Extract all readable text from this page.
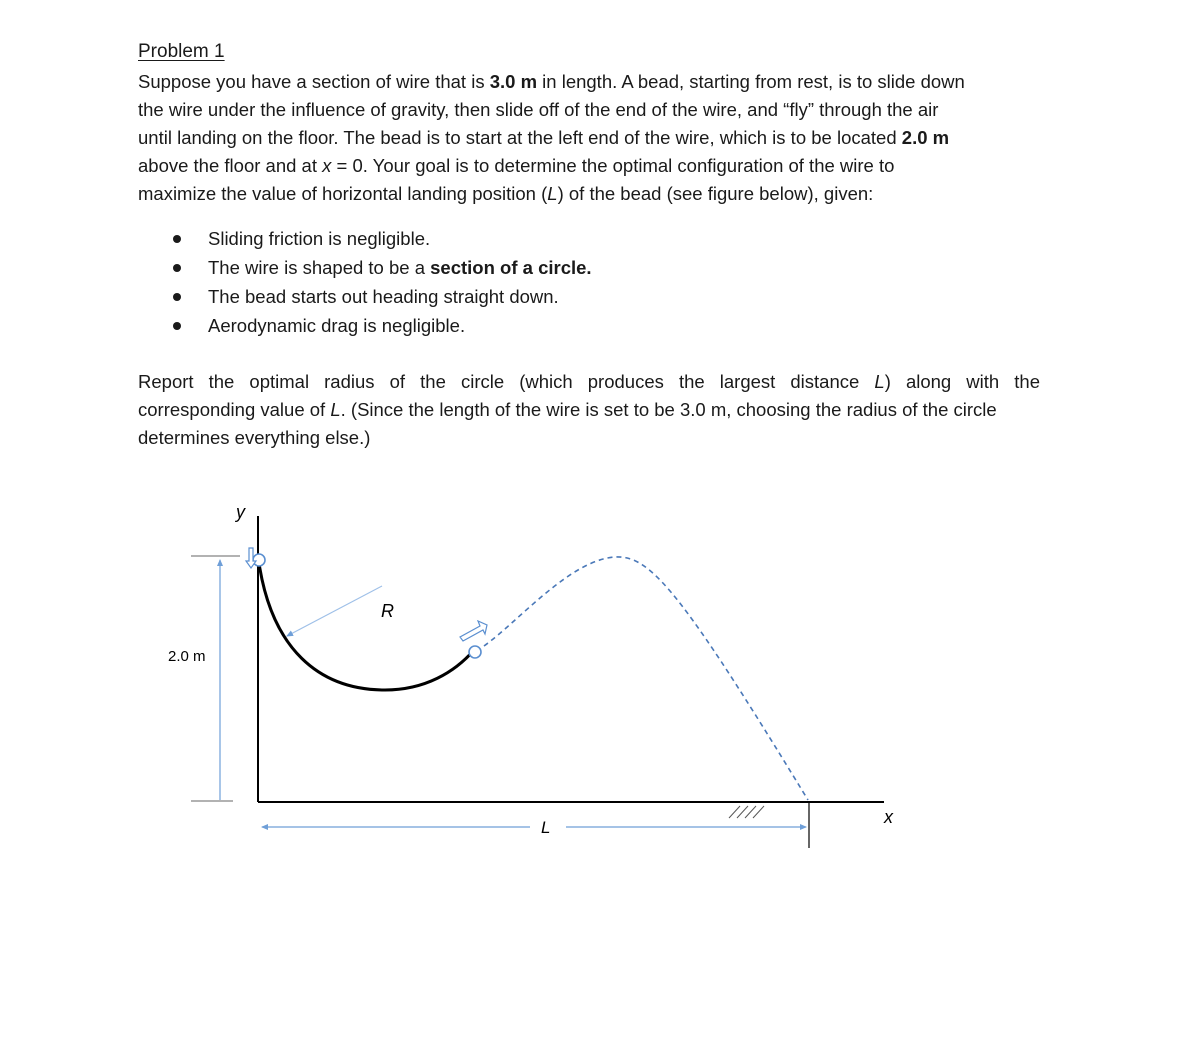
Problem 1
Suppose you have a section of wire that is 3.0 m in length. A bead, starting from rest, is to slide down
the wire under the influence of gravity, then slide off of the end of the wire, and “fly” through the air
until landing on the floor. The bead is to start at the left end of the wire, which is to be located 2.0 m
above the floor and at x = 0. Your goal is to determine the optimal configuration of the wire to
maximize the value of horizontal landing position (L) of the bead (see figure below), given:
Sliding friction is negligible.
The wire is shaped to be a section of a circle.
The bead starts out heading straight down.
Aerodynamic drag is negligible.
Report the optimal radius of the circle (which produces the largest distance L) along with the
corresponding value of L. (Since the length of the wire is set to be 3.0 m, choosing the radius of the circle
determines everything else.)
y
x
2.0 m
R
L
